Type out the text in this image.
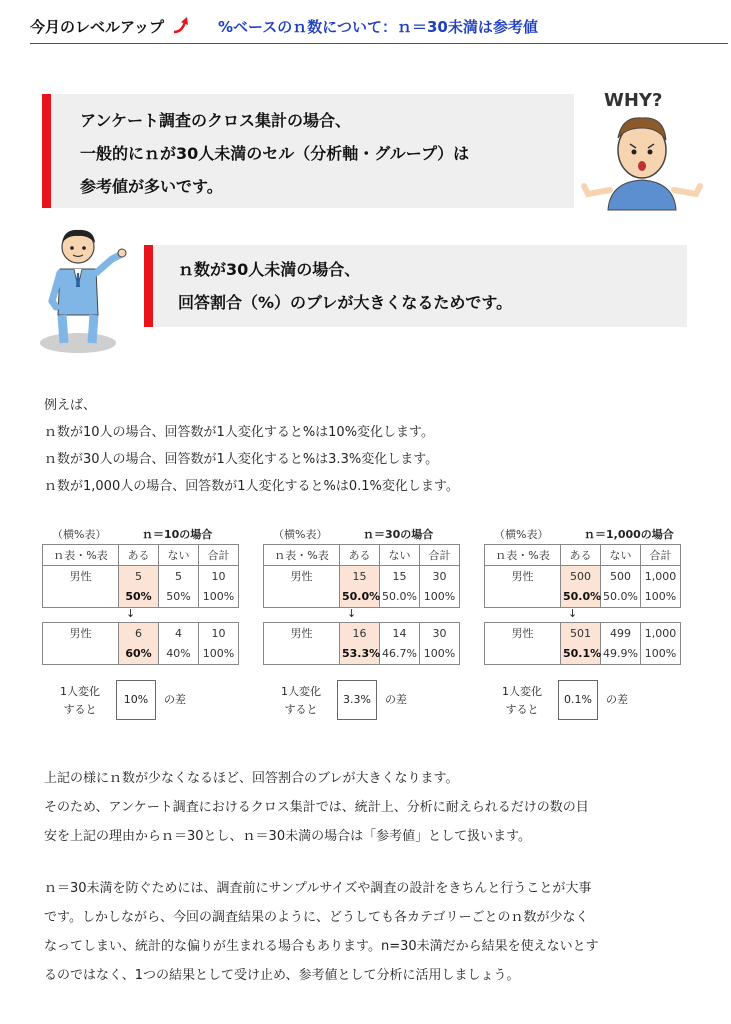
今月のレベルアップ	%ベースのｎ数について：ｎ＝30未満は参考値
アンケート調査のクロス集計の場合、
一般的にｎが30人未満のセル（分析軸・グループ）は
参考値が多いです。
WHY?
ｎ数が30人未満の場合、
回答割合（%）のブレが大きくなるためです。
例えば、
ｎ数が10人の場合、回答数が1人変化すると%は10%変化します。
ｎ数が30人の場合、回答数が1人変化すると%は3.3%変化します。
ｎ数が1,000人の場合、回答数が1人変化すると%は0.1%変化します。
（横%表）	ｎ＝10の場合
ｎ表・%表	ある	ない	合計
男性	5	5	10
	50%	50%	100%
↓
男性	6	4	10
	60%	40%	100%
1人変化
すると
10%	の差
（横%表）	ｎ＝30の場合
ｎ表・%表	ある	ない	合計
男性	15	15	30
	50.0%	50.0%	100%
↓
男性	16	14	30
	53.3%	46.7%	100%
1人変化
すると
3.3%	の差
（横%表）	ｎ＝1,000の場合
ｎ表・%表	ある	ない	合計
男性	500	500	1,000
	50.0%	50.0%	100%
↓
男性	501	499	1,000
	50.1%	49.9%	100%
1人変化
すると
0.1%	の差
上記の様にｎ数が少なくなるほど、回答割合のブレが大きくなります。
そのため、アンケート調査におけるクロス集計では、統計上、分析に耐えられるだけの数の目
安を上記の理由からｎ＝30とし、ｎ＝30未満の場合は「参考値」として扱います。
ｎ＝30未満を防ぐためには、調査前にサンプルサイズや調査の設計をきちんと行うことが大事
です。しかしながら、今回の調査結果のように、どうしても各カテゴリーごとのｎ数が少なく
なってしまい、統計的な偏りが生まれる場合もあります。n=30未満だから結果を使えないとす
るのではなく、1つの結果として受け止め、参考値として分析に活用しましょう。
